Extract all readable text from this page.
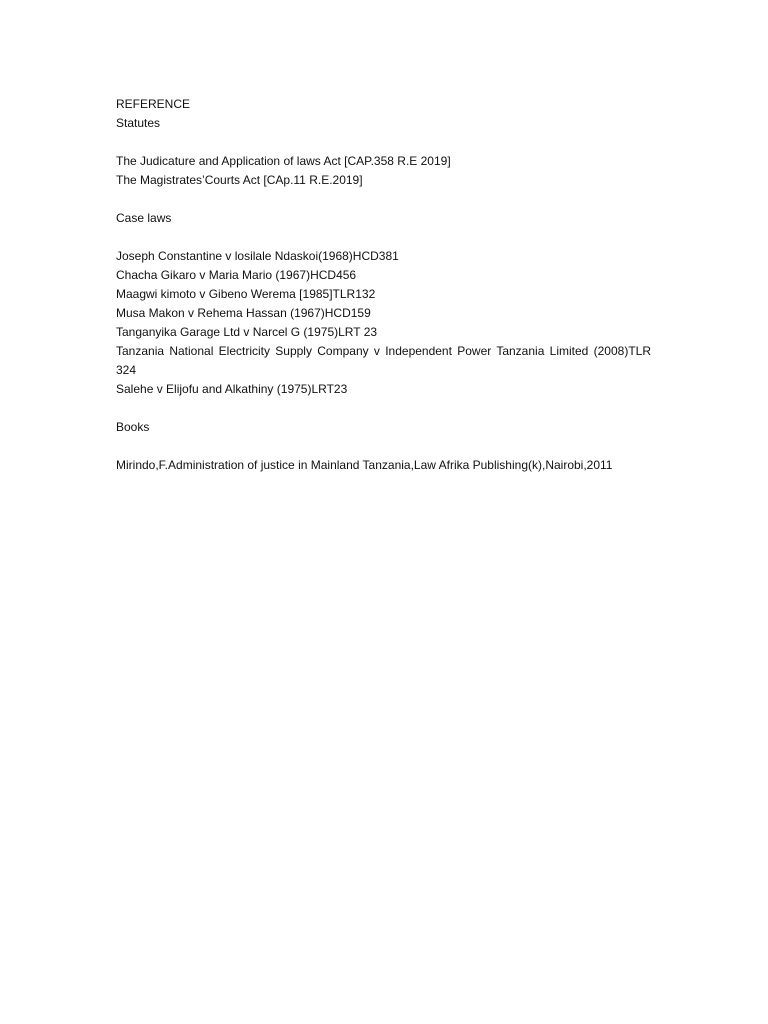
REFERENCE
Statutes
The Judicature and Application of laws Act [CAP.358 R.E 2019]
The Magistrates’Courts Act [CAp.11 R.E.2019]
Case laws
Joseph Constantine v losilale Ndaskoi(1968)HCD381
Chacha Gikaro v Maria Mario (1967)HCD456
Maagwi kimoto v Gibeno Werema [1985]TLR132
Musa Makon v Rehema Hassan (1967)HCD159
Tanganyika Garage Ltd v Narcel G (1975)LRT 23
Tanzania National Electricity Supply Company v Independent Power Tanzania Limited (2008)TLR 324
Salehe v Elijofu and Alkathiny (1975)LRT23
Books
Mirindo,F.Administration of justice in Mainland Tanzania,Law Afrika Publishing(k),Nairobi,2011
